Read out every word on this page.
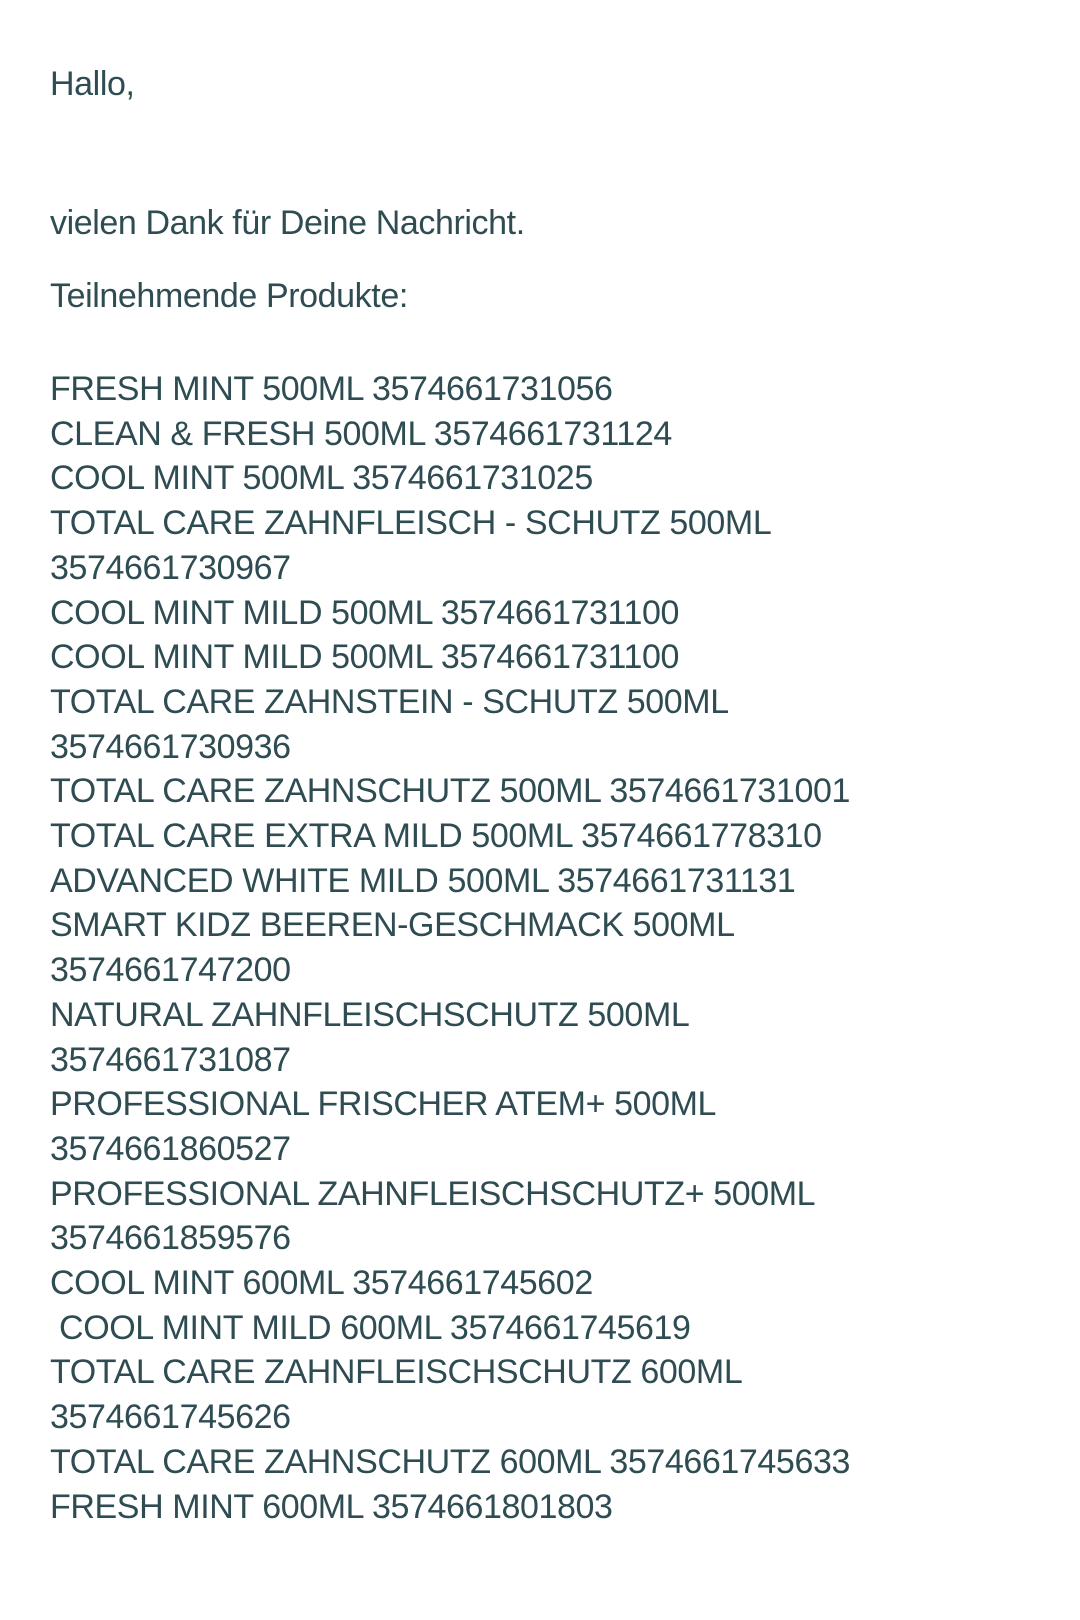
Hallo,

vielen Dank für Deine Nachricht.

Teilnehmende Produkte:

FRESH MINT 500ML 3574661731056
CLEAN & FRESH 500ML 3574661731124
COOL MINT 500ML 3574661731025
TOTAL CARE ZAHNFLEISCH - SCHUTZ 500ML
3574661730967
COOL MINT MILD 500ML 3574661731100
COOL MINT MILD 500ML 3574661731100
TOTAL CARE ZAHNSTEIN - SCHUTZ 500ML
3574661730936
TOTAL CARE ZAHNSCHUTZ 500ML 3574661731001
TOTAL CARE EXTRA MILD 500ML 3574661778310
ADVANCED WHITE MILD 500ML 3574661731131
SMART KIDZ BEEREN-GESCHMACK 500ML
3574661747200
NATURAL ZAHNFLEISCHSCHUTZ 500ML
3574661731087
PROFESSIONAL FRISCHER ATEM+ 500ML
3574661860527
PROFESSIONAL ZAHNFLEISCHSCHUTZ+ 500ML
3574661859576
COOL MINT 600ML 3574661745602
COOL MINT MILD 600ML 3574661745619
TOTAL CARE ZAHNFLEISCHSCHUTZ 600ML
3574661745626
TOTAL CARE ZAHNSCHUTZ 600ML 3574661745633
FRESH MINT 600ML 3574661801803
